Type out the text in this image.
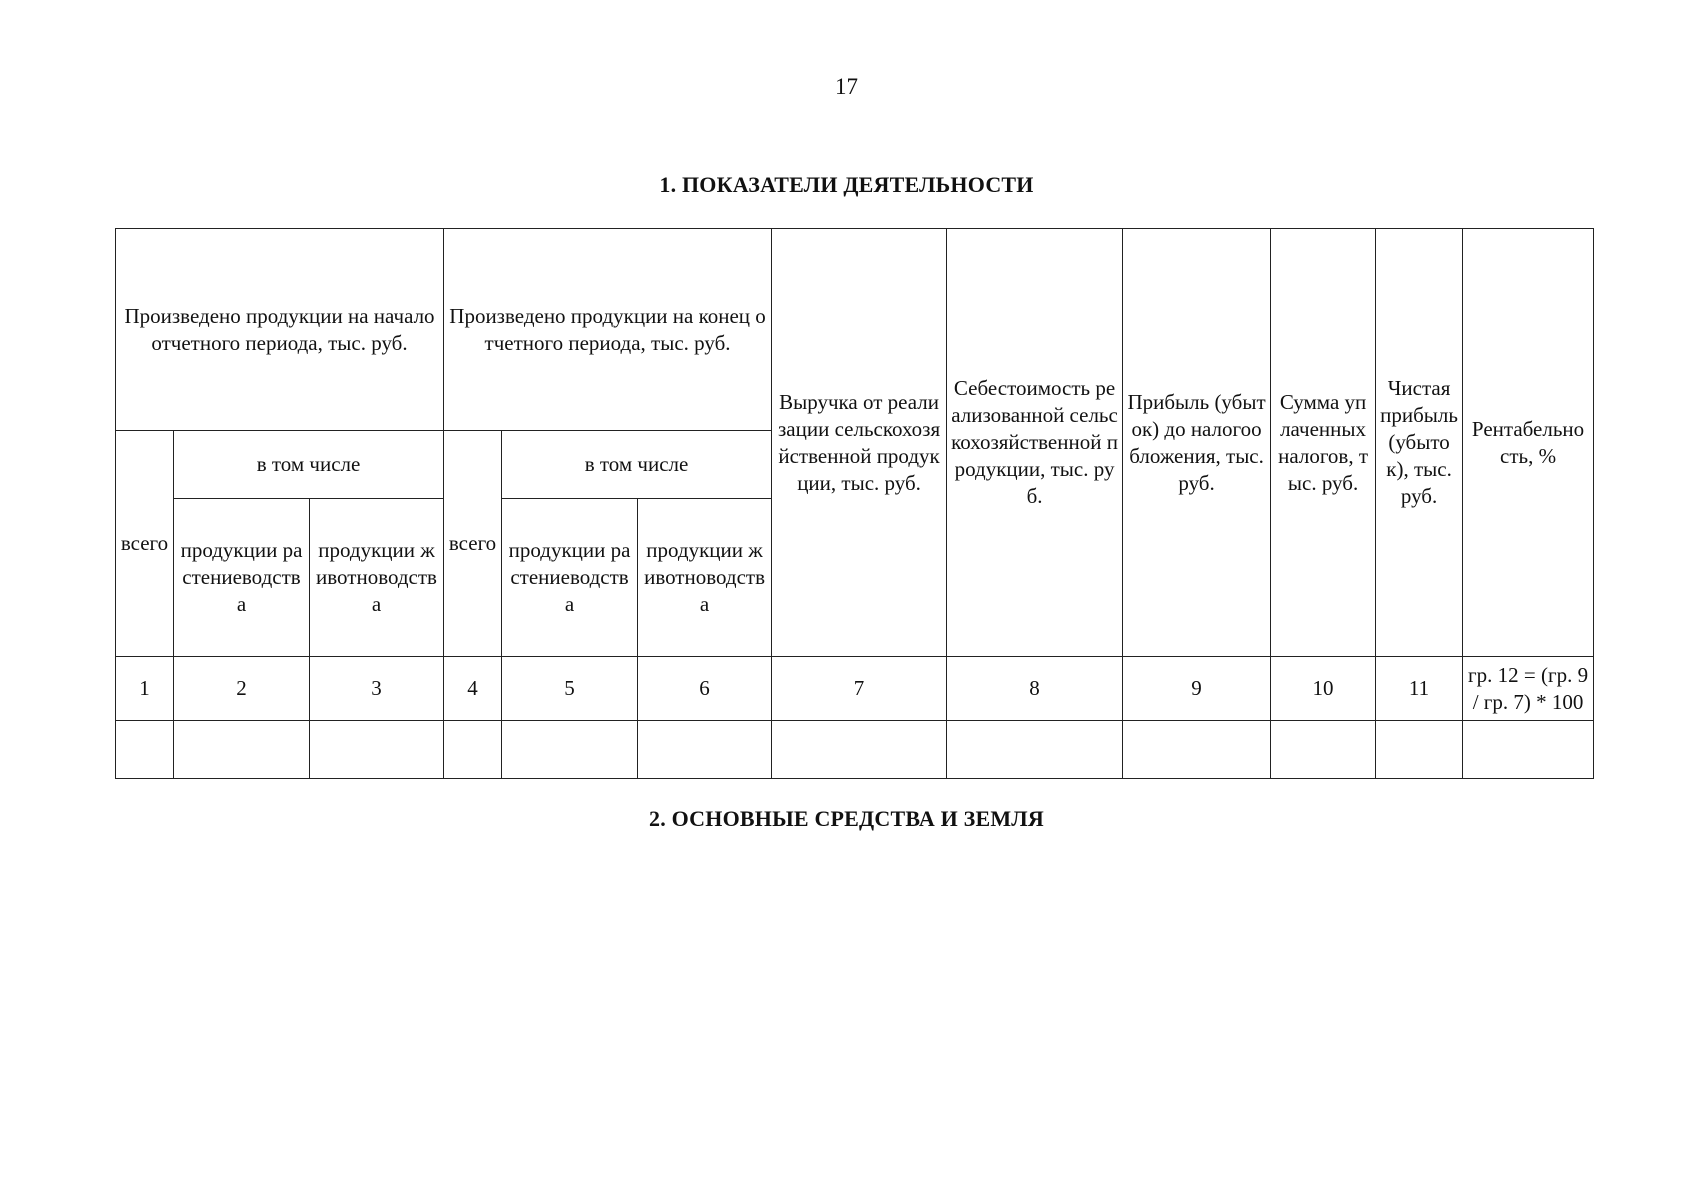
17
1. ПОКАЗАТЕЛИ ДЕЯТЕЛЬНОСТИ
Произведено продукции на начало отчетного периода, тыс. руб.			Произведено продукции на конец отчетного периода, тыс. руб.			Выручка от реализации сельскохозяйственной продукции, тыс. руб.	Себестоимость реализованной сельскохозяйственной продукции, тыс. руб.	Прибыль (убыток) до налогообложения, тыс. руб.	Сумма уплаченных налогов, тыс. руб.	Чистая прибыль (убыток), тыс. руб.	Рентабельность, %
всего	в том числе		всего	в том числе							
	продукции растениеводства	продукции животноводства		продукции растениеводства	продукции животноводства						
1	2	3	4	5	6	7	8	9	10	11	гр. 12 = (гр. 9 / гр. 7) * 100

2. ОСНОВНЫЕ СРЕДСТВА И ЗЕМЛЯ
